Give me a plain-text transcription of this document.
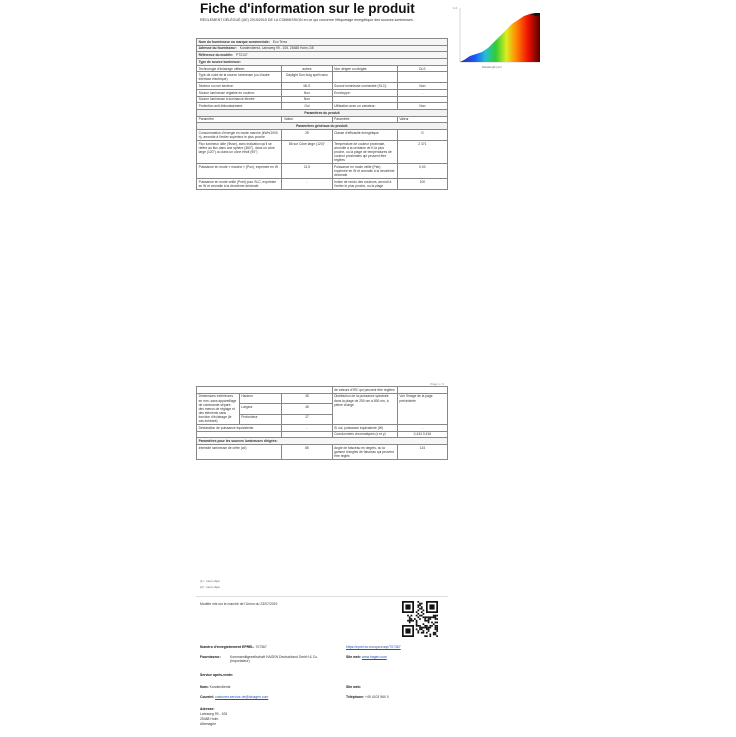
Fiche d'information sur le produit
RÈGLEMENT DÉLÉGUÉ (UE) 2019/2015 DE LA COMMISSION en ce qui concerne l'étiquetage énergétique des sources lumineuses
Nom du fournisseur ou marque commerciale: Eco Terra			
Adresse du fournisseur: Kundendienst, Lahnweg 99 - 105, 25488 Holm, DE			
Référence du modèle: PT2137			
Type de source lumineuse:			
Technologie d'éclairage utilisée:	autres	Non dirigée ou dirigée:	DLS
Type de culot de la source lumineuse (ou d'autre interface électrique)	Daylight Sun bulg spell nano		
Secteur ou non secteur:	MLS	Source lumineuse connectée (SLC):	Non
Source lumineuse réglable en couleur:	Non	Enveloppe:	-
Source lumineuse à luminance élevée:	Non		
Protection anti-éblouissement:	Oui	Utilisation avec un variateur:	Non
Paramètres du produit			
Paramètre	Valeur	Paramètre	Valeur
Paramètres généraux du produit:			
Consommation d'énergie en mode marche (kWh/1000 h), arrondie à l'entier supérieur le plus proche	25	Classe d'efficacité énergétique	G
Flux lumineux utile (Φuse), avec indication qu'il se réfère au flux dans une sphère (360°), dans un cône large (120°) ou dans un cône étroit (90°)	86 sur Cône large (120)°	Température de couleur proximale, arrondie à la centaine de K la plus proche, ou la plage de températures de couleur proximales qui peuvent être réglées	2 371
Puissance en mode « marche » (Pon), exprimée en W	21,5	Puissance en mode veille (Psb), exprimée en W et arrondie à la deuxième décimale	0,00
Puissance en mode veille (Pnet) pour SLC, exprimée en W et arrondie à la deuxième décimale	-	Indice de rendu des couleurs, arrondi à l'entier le plus proche, ou la plage	100
1.0
Wavelength (nm)
Page 1 / 2
			de valeurs d'IRC qui peuvent être réglées	
Dimensions extérieures en mm, sans appareillage de commande séparé, des menus de réglage et des éléments sans fonction d'éclairage (le cas échéant)	Hauteur	45	Distribution de la puissance spectrale dans la plage de 250 nm à 800 nm, à pleine charge	Voir l'image de la page précédente
	Largeur	45		
	Profondeur	17		
Déclaration de puissance équivalente		-	Si oui, puissance équivalente (W)	-
			Coordonnées chromatiques (x et y)	0,434 0,416
Paramètres pour les sources lumineuses dirigées:				
Intensité lumineuse de crête (cd)		85	Angle de faisceau en degrés, ou la gamme d'angles de faisceau qui peuvent être réglés	124
(1) : sans objet
(2) : sans objet
Modèle mis sur le marché de l'Union du 23/07/2019
Numéro d'enregistrement EPREL: 707367	https://eprel.ec.europa.eu/qr/707367
Fournisseur:	Kommanditgesellschaft HAGEN Deutschland GmbH & Co. (Importateur)
Site web: www.hagen.com
Service après-vente:
Nom: Kundendienst	Site web:
Courriel: customer.service-de@tchagen.com	Téléphone: +49 4103 960 0
Adresse:
Lahnweg 99 - 105
25488 Holm
Allemagne
